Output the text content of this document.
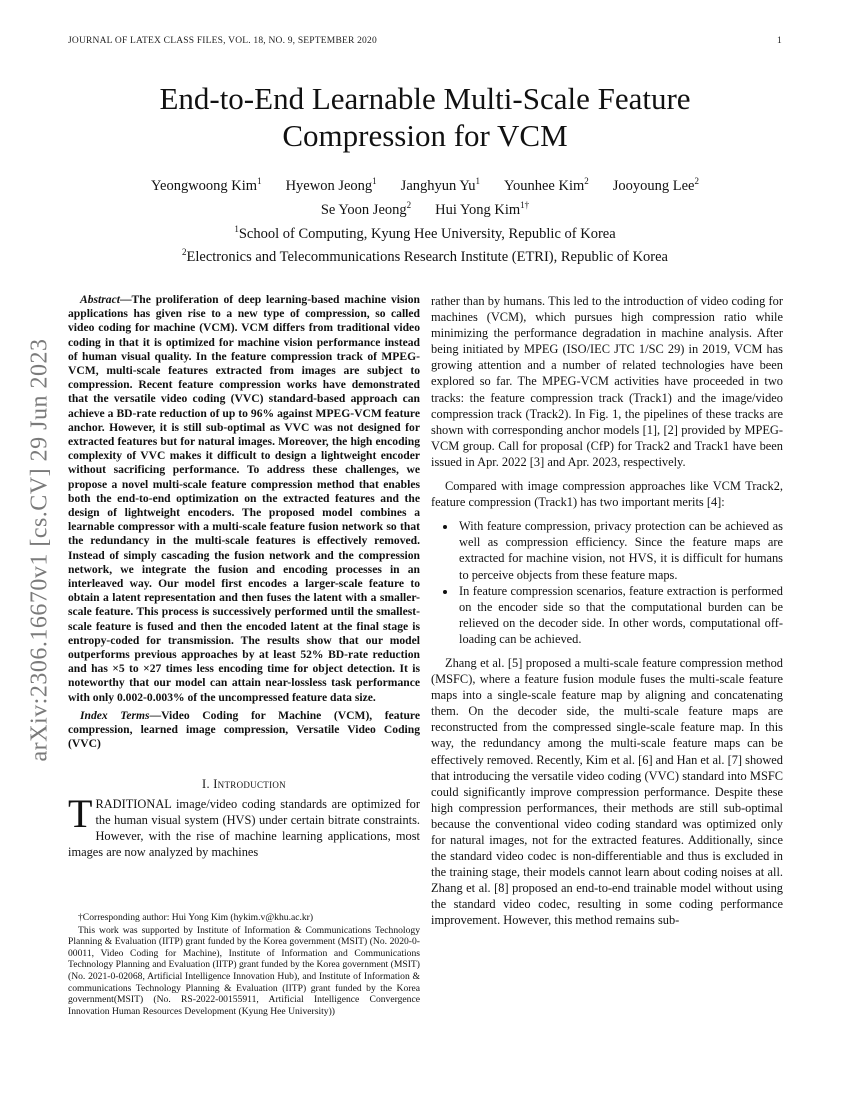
JOURNAL OF LATEX CLASS FILES, VOL. 18, NO. 9, SEPTEMBER 2020	1
arXiv:2306.16670v1 [cs.CV] 29 Jun 2023
End-to-End Learnable Multi-Scale Feature
Compression for VCM
Yeongwoong Kim$^1$ Hyewon Jeong$^1$ Janghyun Yu$^1$ Younhee Kim$^2$ Jooyoung Lee$^2$
Se Yoon Jeong$^2$ Hui Yong Kim$^{1\dagger}$
$^1$School of Computing, Kyung Hee University, Republic of Korea
$^2$Electronics and Telecommunications Research Institute (ETRI), Republic of Korea

Abstract—The proliferation of deep learning-based machine vision applications has given rise to a new type of compression, so called video coding for machine (VCM). VCM differs from traditional video coding in that it is optimized for machine vision performance instead of human visual quality. In the feature compression track of MPEG-VCM, multi-scale features extracted from images are subject to compression. Recent feature compression works have demonstrated that the versatile video coding (VVC) standard-based approach can achieve a BD-rate reduction of up to 96% against MPEG-VCM feature anchor. However, it is still sub-optimal as VVC was not designed for extracted features but for natural images. Moreover, the high encoding complexity of VVC makes it difficult to design a lightweight encoder without sacrificing performance. To address these challenges, we propose a novel multi-scale feature compression method that enables both the end-to-end optimization on the extracted features and the design of lightweight encoders. The proposed model combines a learnable compressor with a multi-scale feature fusion network so that the redundancy in the multi-scale features is effectively removed. Instead of simply cascading the fusion network and the compression network, we integrate the fusion and encoding processes in an interleaved way. Our model first encodes a larger-scale feature to obtain a latent representation and then fuses the latent with a smaller-scale feature. This process is successively performed until the smallest-scale feature is fused and then the encoded latent at the final stage is entropy-coded for transmission. The results show that our model outperforms previous approaches by at least 52% BD-rate reduction and has ×5 to ×27 times less encoding time for object detection. It is noteworthy that our model can attain near-lossless task performance with only 0.002-0.003% of the uncompressed feature data size.

Index Terms—Video Coding for Machine (VCM), feature compression, learned image compression, Versatile Video Coding (VVC)

I. Introduction

TRADITIONAL image/video coding standards are optimized for the human visual system (HVS) under certain bitrate constraints. However, with the rise of machine learning applications, most images are now analyzed by machines

†Corresponding author: Hui Yong Kim (hykim.v@khu.ac.kr)

This work was supported by Institute of Information & Communications Technology Planning & Evaluation (IITP) grant funded by the Korea government (MSIT) (No. 2020-0-00011, Video Coding for Machine), Institute of Information and Communications Technology Planning and Evaluation (IITP) grant funded by the Korea government (MSIT) (No. 2021-0-02068, Artificial Intelligence Innovation Hub), and Institute of Information & communications Technology Planning & Evaluation (IITP) grant funded by the Korea government(MSIT) (No. RS-2022-00155911, Artificial Intelligence Convergence Innovation Human Resources Development (Kyung Hee University))

rather than by humans. This led to the introduction of video coding for machines (VCM), which pursues high compression ratio while minimizing the performance degradation in machine analysis. After being initiated by MPEG (ISO/IEC JTC 1/SC 29) in 2019, VCM has growing attention and a number of related technologies have been explored so far. The MPEG-VCM activities have proceeded in two tracks: the feature compression track (Track1) and the image/video compression track (Track2). In Fig. 1, the pipelines of these tracks are shown with corresponding anchor models [1], [2] provided by MPEG-VCM group. Call for proposal (CfP) for Track2 and Track1 have been issued in Apr. 2022 [3] and Apr. 2023, respectively.

Compared with image compression approaches like VCM Track2, feature compression (Track1) has two important merits [4]:

• With feature compression, privacy protection can be achieved as well as compression efficiency. Since the feature maps are extracted for machine vision, not HVS, it is difficult for humans to perceive objects from these feature maps.
• In feature compression scenarios, feature extraction is performed on the encoder side so that the computational burden can be relieved on the decoder side. In other words, computational off-loading can be achieved.

Zhang et al. [5] proposed a multi-scale feature compression method (MSFC), where a feature fusion module fuses the multi-scale feature maps into a single-scale feature map by aligning and concatenating them. On the decoder side, the multi-scale feature maps are reconstructed from the compressed single-scale feature map. In this way, the redundancy among the multi-scale feature maps can be effectively removed. Recently, Kim et al. [6] and Han et al. [7] showed that introducing the versatile video coding (VVC) standard into MSFC could significantly improve compression performance. Despite these high compression performances, their methods are still sub-optimal because the conventional video coding standard was optimized only for natural images, not for the extracted features. Additionally, since the standard video codec is non-differentiable and thus is excluded in the training stage, their models cannot learn about coding noises at all. Zhang et al. [8] proposed an end-to-end trainable model without using the standard video codec, resulting in some coding performance improvement. However, this method remains sub-
